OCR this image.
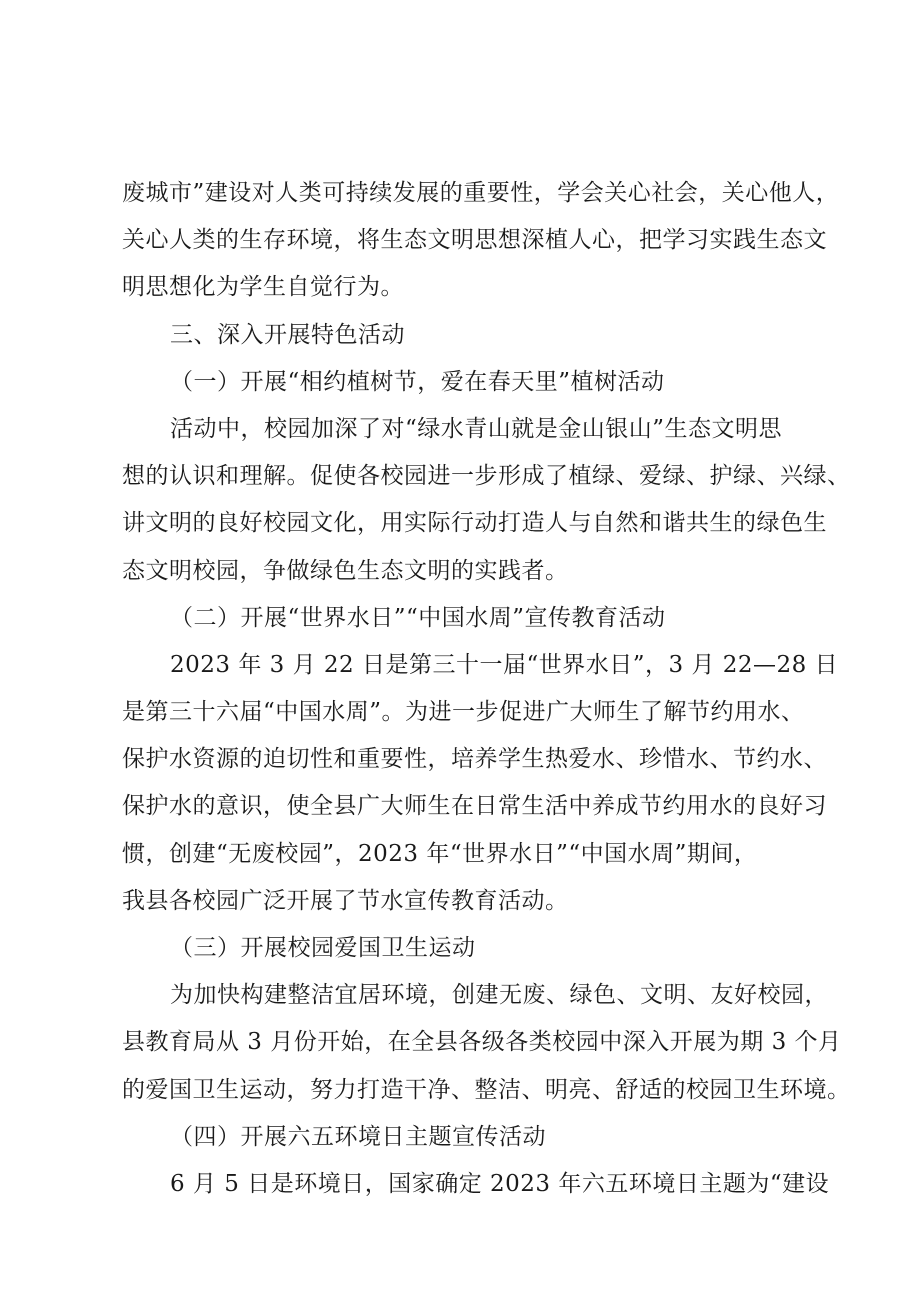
废城市”建设对人类可持续发展的重要性，学会关心社会，关心他人，
关心人类的生存环境，将生态文明思想深植人心，把学习实践生态文
明思想化为学生自觉行为。
三、深入开展特色活动
（一）开展“相约植树节，爱在春天里”植树活动
活动中，校园加深了对“绿水青山就是金山银山”生态文明思
想的认识和理解。促使各校园进一步形成了植绿、爱绿、护绿、兴绿、
讲文明的良好校园文化，用实际行动打造人与自然和谐共生的绿色生
态文明校园，争做绿色生态文明的实践者。
（二）开展“世界水日”“中国水周”宣传教育活动
2023 年 3 月 22 日是第三十一届“世界水日”，3 月 22—28 日
是第三十六届“中国水周”。为进一步促进广大师生了解节约用水、
保护水资源的迫切性和重要性，培养学生热爱水、珍惜水、节约水、
保护水的意识，使全县广大师生在日常生活中养成节约用水的良好习
惯，创建“无废校园”，2023 年“世界水日”“中国水周”期间，
我县各校园广泛开展了节水宣传教育活动。
（三）开展校园爱国卫生运动
为加快构建整洁宜居环境，创建无废、绿色、文明、友好校园，
县教育局从 3 月份开始，在全县各级各类校园中深入开展为期 3 个月
的爱国卫生运动，努力打造干净、整洁、明亮、舒适的校园卫生环境。
（四）开展六五环境日主题宣传活动
6 月 5 日是环境日，国家确定 2023 年六五环境日主题为“建设
